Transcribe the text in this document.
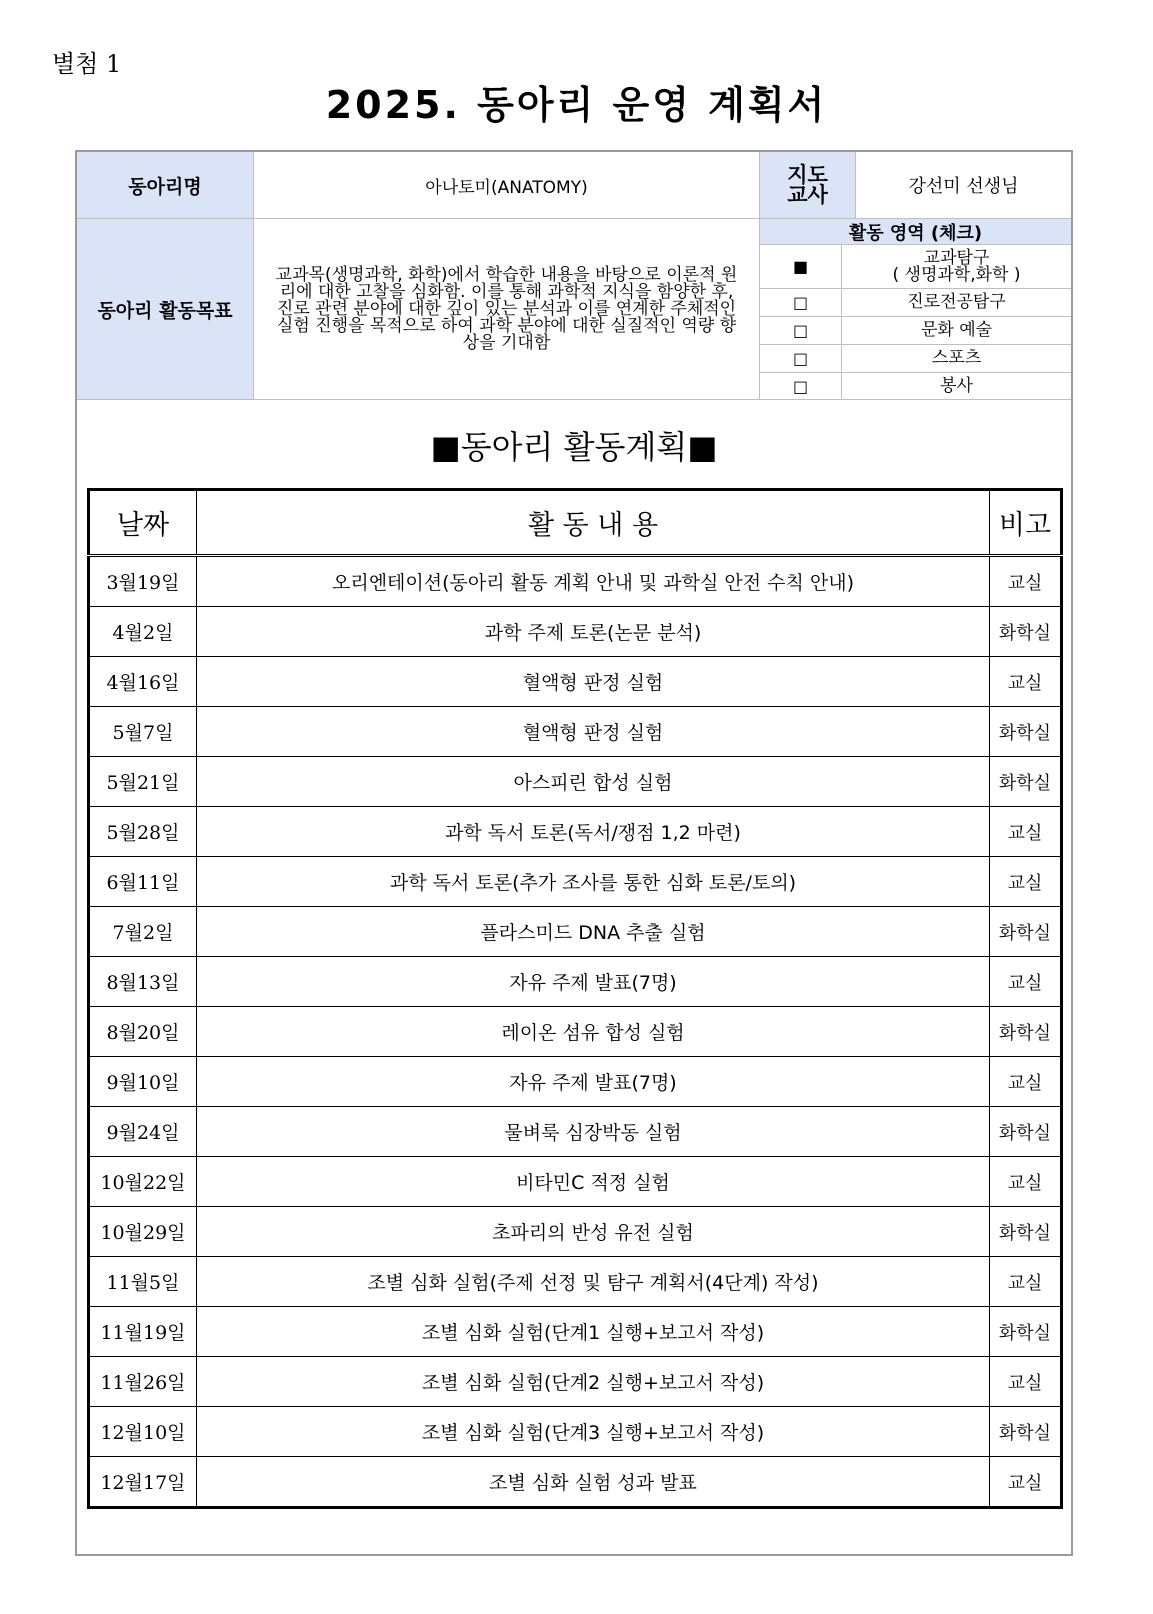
별첨 1
2025. 동아리 운영 계획서
동아리명	아나토미(ANATOMY)
지도
교사	강선미 선생님
동아리 활동목표
교과목(생명과학, 화학)에서 학습한 내용을 바탕으로 이론적 원리에 대한 고찰을 심화함. 이를 통해 과학적 지식을 함양한 후, 진로 관련 분야에 대한 깊이 있는 분석과 이를 연계한 주체적인 실험 진행을 목적으로 하여 과학 분야에 대한 실질적인 역량 향상을 기대함
활동 영역 (체크)
■	교과탐구
( 생명과학,화학 )
□	진로전공탐구
□	문화 예술
□	스포츠
□	봉사
■동아리 활동계획■
날짜	활 동 내 용	비고
3월19일	오리엔테이션(동아리 활동 계획 안내 및 과학실 안전 수칙 안내)	교실
4월2일	과학 주제 토론(논문 분석)	화학실
4월16일	혈액형 판정 실험	교실
5월7일	혈액형 판정 실험	화학실
5월21일	아스피린 합성 실험	화학실
5월28일	과학 독서 토론(독서/쟁점 1,2 마련)	교실
6월11일	과학 독서 토론(추가 조사를 통한 심화 토론/토의)	교실
7월2일	플라스미드 DNA 추출 실험	화학실
8월13일	자유 주제 발표(7명)	교실
8월20일	레이온 섬유 합성 실험	화학실
9월10일	자유 주제 발표(7명)	교실
9월24일	물벼룩 심장박동 실험	화학실
10월22일	비타민C 적정 실험	교실
10월29일	초파리의 반성 유전 실험	화학실
11월5일	조별 심화 실험(주제 선정 및 탐구 계획서(4단계) 작성)	교실
11월19일	조별 심화 실험(단계1 실행+보고서 작성)	화학실
11월26일	조별 심화 실험(단계2 실행+보고서 작성)	교실
12월10일	조별 심화 실험(단계3 실행+보고서 작성)	화학실
12월17일	조별 심화 실험 성과 발표	교실
